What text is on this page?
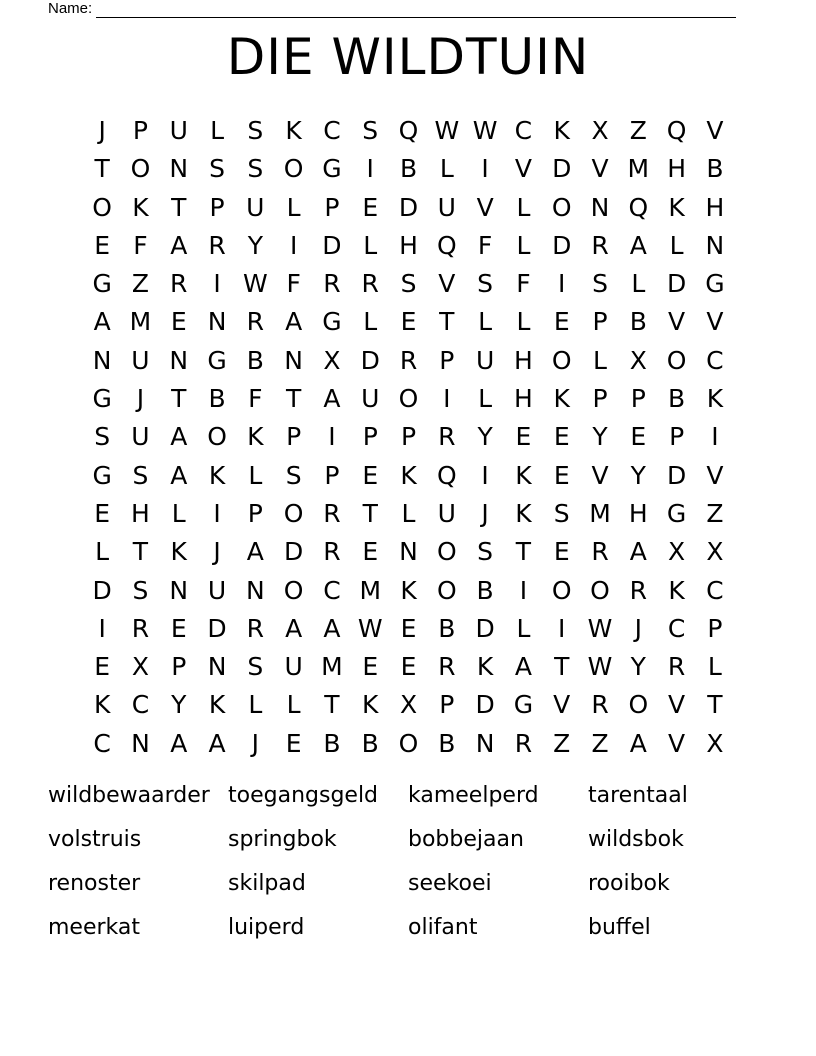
Name:
DIE WILDTUIN
J	P U L S K C S Q W W C K X Z Q V
T O N S S O G I	B L	I	V D V M H B
O K T P U L P E D U V L O N Q K H
E F A R Y	I D L H Q F L D R A L N
G Z R	I W F R R S V S F	I	S L D G
A M E N R A G L E T L L E P B V V
N U N G B N X D R P U H O L X O C
G J	T B F T A U O I	L H K P P B K
S U A O K P	I	P P R Y E E Y E P	I
G S A K L S P E K Q I	K E V Y D V
E H L	I	P O R T L U	J	K S M H G Z
L T K	J	A D R E N O S T E R A X X
D S N U N O C M K O B	I O O R K C
I	R E D R A A W E B D L	I W J	C P
E X P N S U M E E R K A T W Y R L
K C Y K L L T K X P D G V R O V T
C N A A	J	E B B O B N R Z Z A V X
wildbewaarder toegangsgeld	kameelperd	tarentaal
volstruis	springbok	bobbejaan	wildsbok
renoster	skilpad	seekoei	rooibok
meerkat	luiperd	olifant	buffel
